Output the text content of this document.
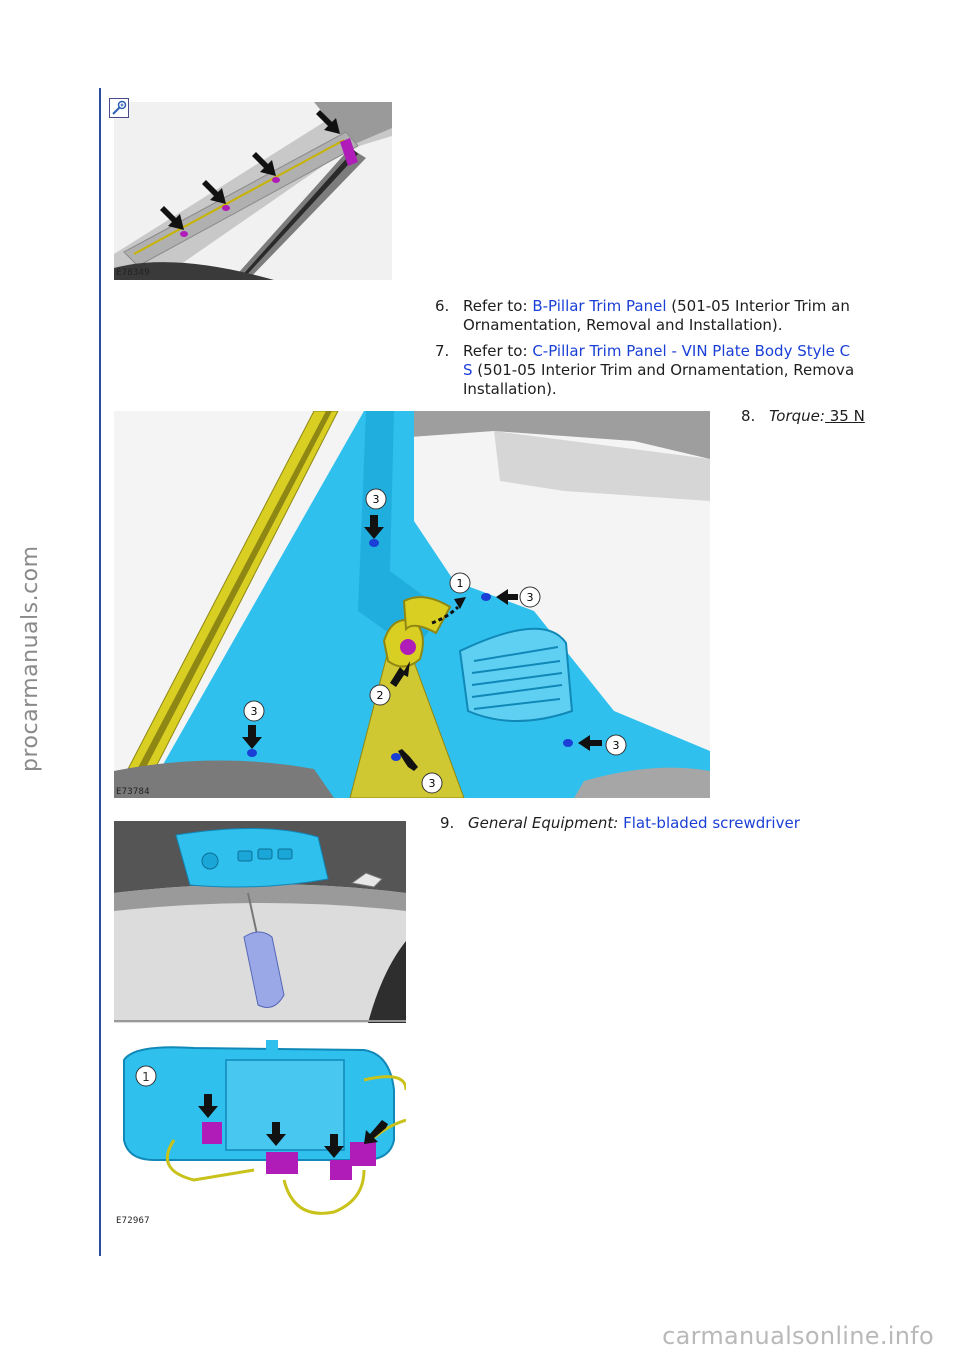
procarmanuals.com
E78349
6. Refer to: B-Pillar Trim Panel (501-05 Interior Trim an
Ornamentation, Removal and Installation).
7. Refer to: C-Pillar Trim Panel - VIN Plate Body Style C
S (501-05 Interior Trim and Ornamentation, Remova
Installation).
3
1
3
2
3
3
3
E73784
8. Torque: 35 N
9. General Equipment: Flat-bladed screwdriver
1
E72967
carmanualsonline.info
